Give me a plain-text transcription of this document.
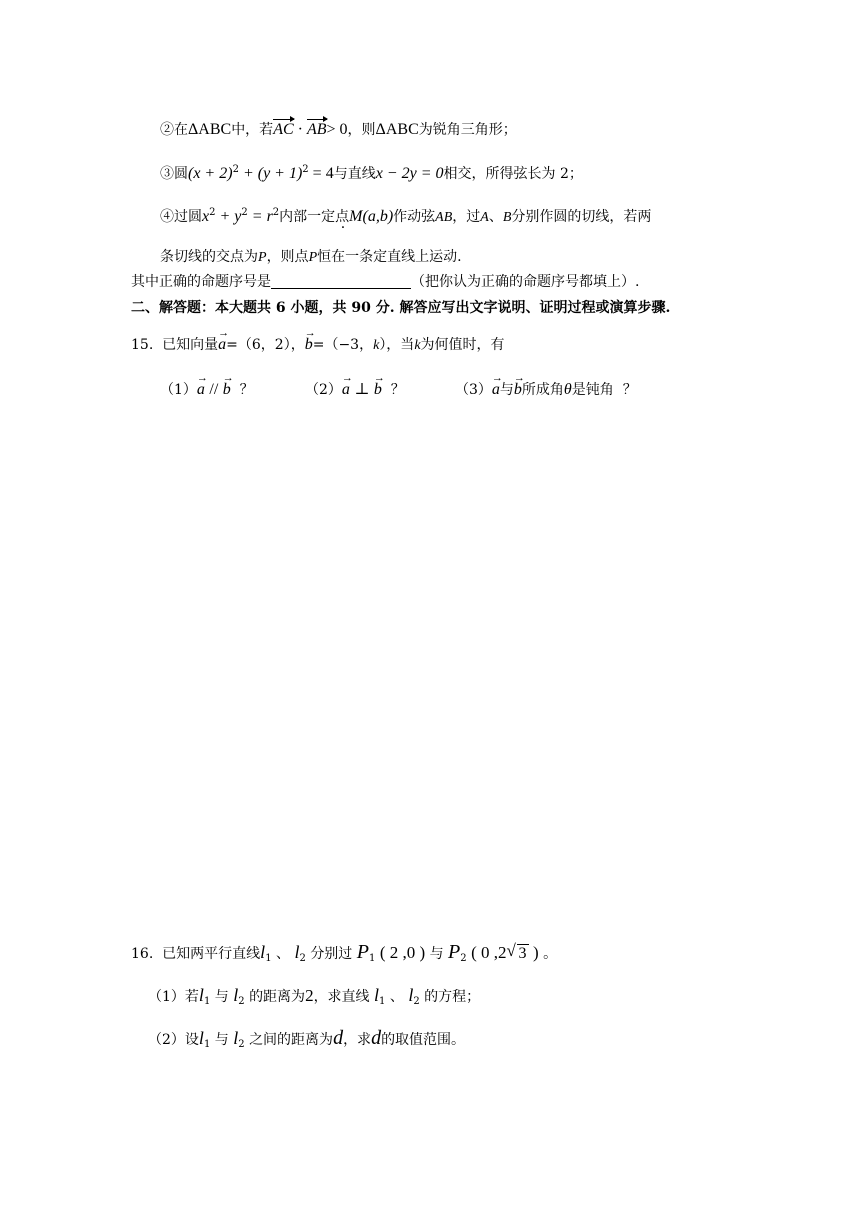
②在ΔABC中，若AC · AB> 0，则ΔABC为锐角三角形；
③圆$(x + 2)^2 + (y + 1)^2 = 4$与直线x − 2y = 0相交，所得弦长为 2；
④过圆$x^2 + y^2 = r^2$内部一定点M(a,b)作动弦AB，过A、B分别作圆的切线，若两
条切线的交点为P，则点P恒在一条定直线上运动.
其中正确的命题序号是	（把你认为正确的命题序号都填上）.
二、解答题：本大题共 6 小题，共 90 分. 解答应写出文字说明、证明过程或演算步骤.
15. 已知向量→ a=（6，2），→ b=（−3，k），当k为何值时，有
（1）→ a // → b ？	（2）→ a ⊥ → b ？	（3）→ a与→ b所成角θ是钝角 ？
16. 已知两平行直线$l_1$ 、 $l_2$ 分别过 $P_1$ ( 2 ,0 ) 与 $P_2$ ( 0 ,2 √ 3 ) 。
（1）若$l_1$ 与 $l_2$ 的距离为2，求直线 $l_1$ 、 $l_2$ 的方程；
（2）设$l_1$ 与 $l_2$ 之间的距离为d，求d的取值范围。
